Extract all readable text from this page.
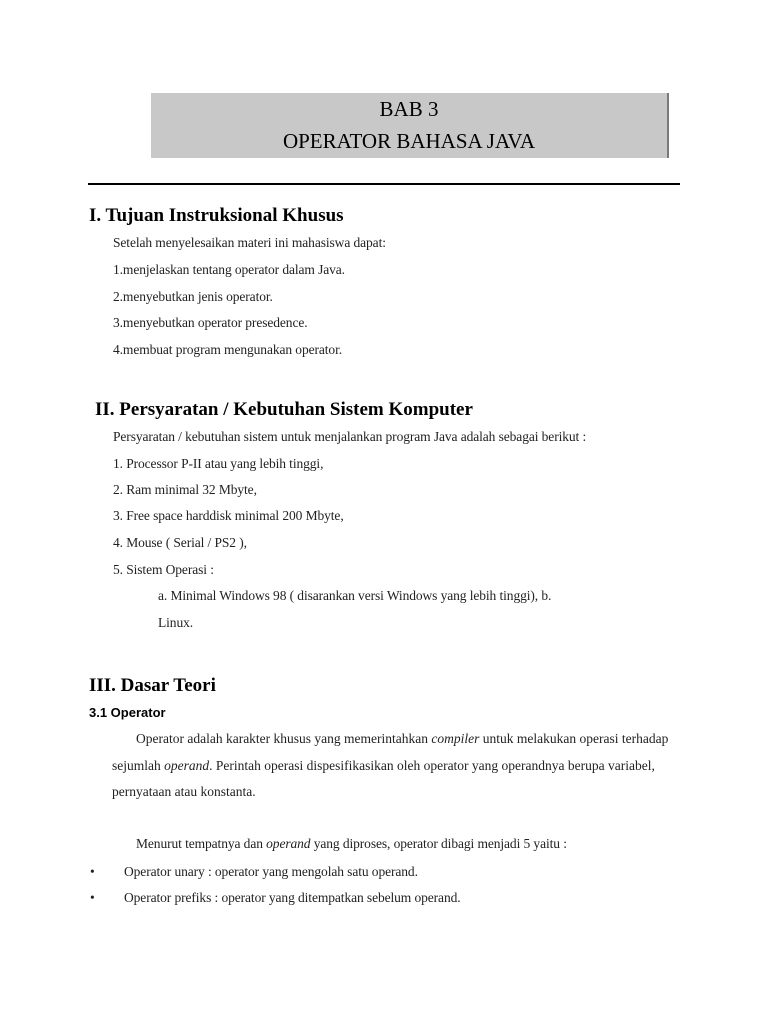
BAB 3
OPERATOR BAHASA JAVA
I. Tujuan Instruksional Khusus
Setelah menyelesaikan materi ini mahasiswa dapat:
1.menjelaskan tentang operator dalam Java.
2.menyebutkan jenis operator.
3.menyebutkan operator presedence.
4.membuat program mengunakan operator.
II. Persyaratan / Kebutuhan Sistem Komputer
Persyaratan / kebutuhan sistem untuk menjalankan program Java adalah sebagai berikut :
1. Processor P-II atau yang lebih tinggi,
2. Ram minimal 32 Mbyte,
3. Free space harddisk minimal 200 Mbyte,
4. Mouse ( Serial / PS2 ),
5. Sistem Operasi :
a. Minimal Windows 98 ( disarankan versi Windows yang lebih tinggi), b.
Linux.
III. Dasar Teori
3.1 Operator
Operator adalah karakter khusus yang memerintahkan compiler untuk melakukan operasi terhadap sejumlah operand. Perintah operasi dispesifikasikan oleh operator yang operandnya berupa variabel, pernyataan atau konstanta.
Menurut tempatnya dan operand yang diproses, operator dibagi menjadi 5 yaitu :
• Operator unary : operator yang mengolah satu operand.
• Operator prefiks : operator yang ditempatkan sebelum operand.
